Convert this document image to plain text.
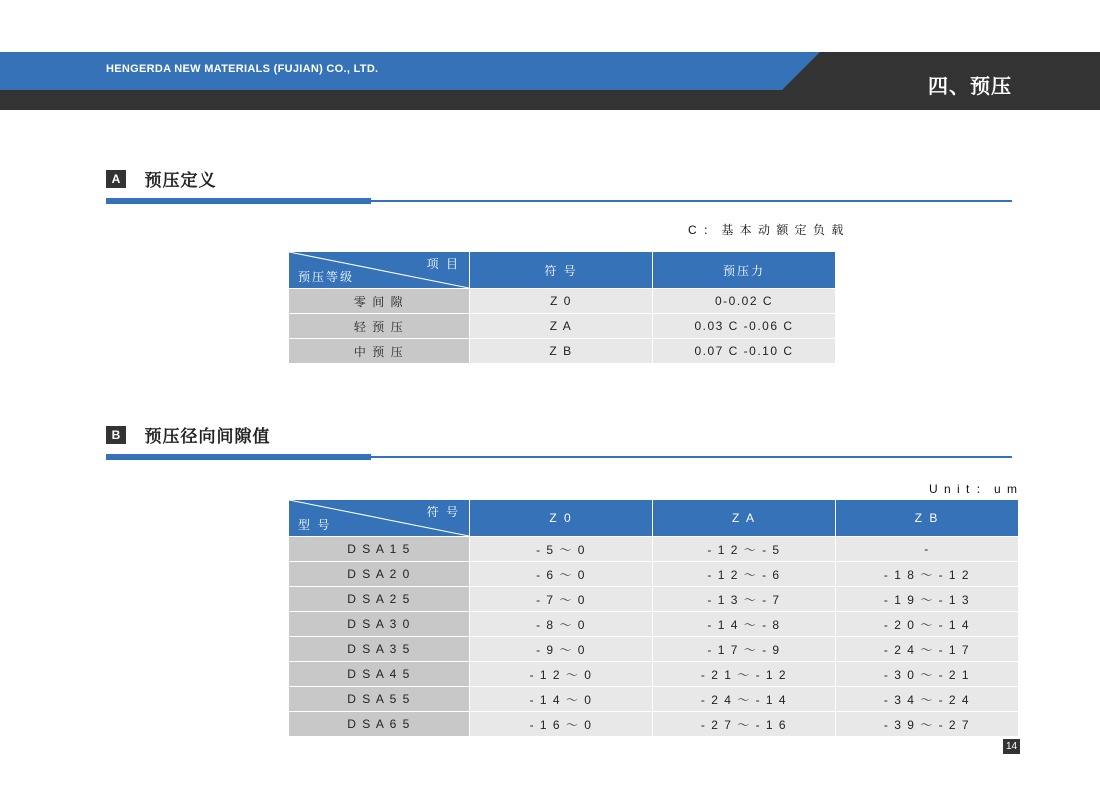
HENGERDA NEW MATERIALS (FUJIAN) CO., LTD.
四、预压
A 预压定义
C ： 基 本 动 额 定 负 载
项 目
预压等级	符 号	预压力
零 间 隙	Z 0	0-0.02 C
轻 预 压	Z A	0.03 C -0.06 C
中 预 压	Z B	0.07 C -0.10 C
B 预压径向间隙值
U n i t ： u m
符 号
型 号	Z 0	Z A	Z B
D S A 1 5	- 5 ～ 0	- 1 2 ～ - 5	-
D S A 2 0	- 6 ～ 0	- 1 2 ～ - 6	- 1 8 ～ - 1 2
D S A 2 5	- 7 ～ 0	- 1 3 ～ - 7	- 1 9 ～ - 1 3
D S A 3 0	- 8 ～ 0	- 1 4 ～ - 8	- 2 0 ～ - 1 4
D S A 3 5	- 9 ～ 0	- 1 7 ～ - 9	- 2 4 ～ - 1 7
D S A 4 5	- 1 2 ～ 0	- 2 1 ～ - 1 2	- 3 0 ～ - 2 1
D S A 5 5	- 1 4 ～ 0	- 2 4 ～ - 1 4	- 3 4 ～ - 2 4
D S A 6 5	- 1 6 ～ 0	- 2 7 ～ - 1 6	- 3 9 ～ - 2 7
14
